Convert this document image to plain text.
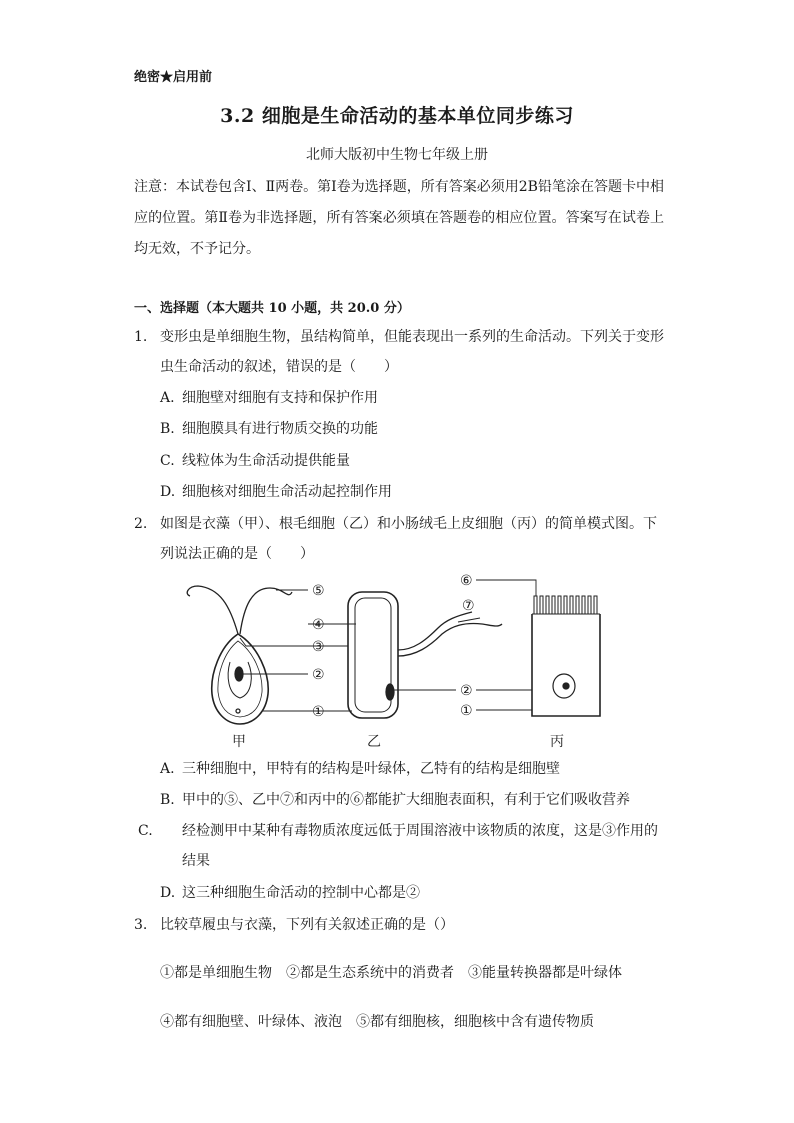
绝密★启用前
3.2 细胞是生命活动的基本单位同步练习
北师大版初中生物七年级上册
注意：本试卷包含Ⅰ、Ⅱ两卷。第Ⅰ卷为选择题，所有答案必须用2B铅笔涂在答题卡中相应的位置。第Ⅱ卷为非选择题，所有答案必须填在答题卷的相应位置。答案写在试卷上均无效，不予记分。
一、选择题（本大题共 10 小题，共 20.0 分）
1. 变形虫是单细胞生物，虽结构简单，但能表现出一系列的生命活动。下列关于变形虫生命活动的叙述，错误的是（　　）
A. 细胞壁对细胞有支持和保护作用
B. 细胞膜具有进行物质交换的功能
C. 线粒体为生命活动提供能量
D. 细胞核对细胞生命活动起控制作用
2. 如图是衣藻（甲）、根毛细胞（乙）和小肠绒毛上皮细胞（丙）的简单模式图。下列说法正确的是（　　）
⑤
④
③
②
①
⑦
⑥
②
①
甲	乙	丙
A. 三种细胞中，甲特有的结构是叶绿体，乙特有的结构是细胞壁
B. 甲中的⑤、乙中⑦和丙中的⑥都能扩大细胞表面积，有利于它们吸收营养
C. 经检测甲中某种有毒物质浓度远低于周围溶液中该物质的浓度，这是③作用的结果
D. 这三种细胞生命活动的控制中心都是②
3. 比较草履虫与衣藻，下列有关叙述正确的是（）
①都是单细胞生物　②都是生态系统中的消费者　③能量转换器都是叶绿体
④都有细胞壁、叶绿体、液泡　⑤都有细胞核，细胞核中含有遗传物质
